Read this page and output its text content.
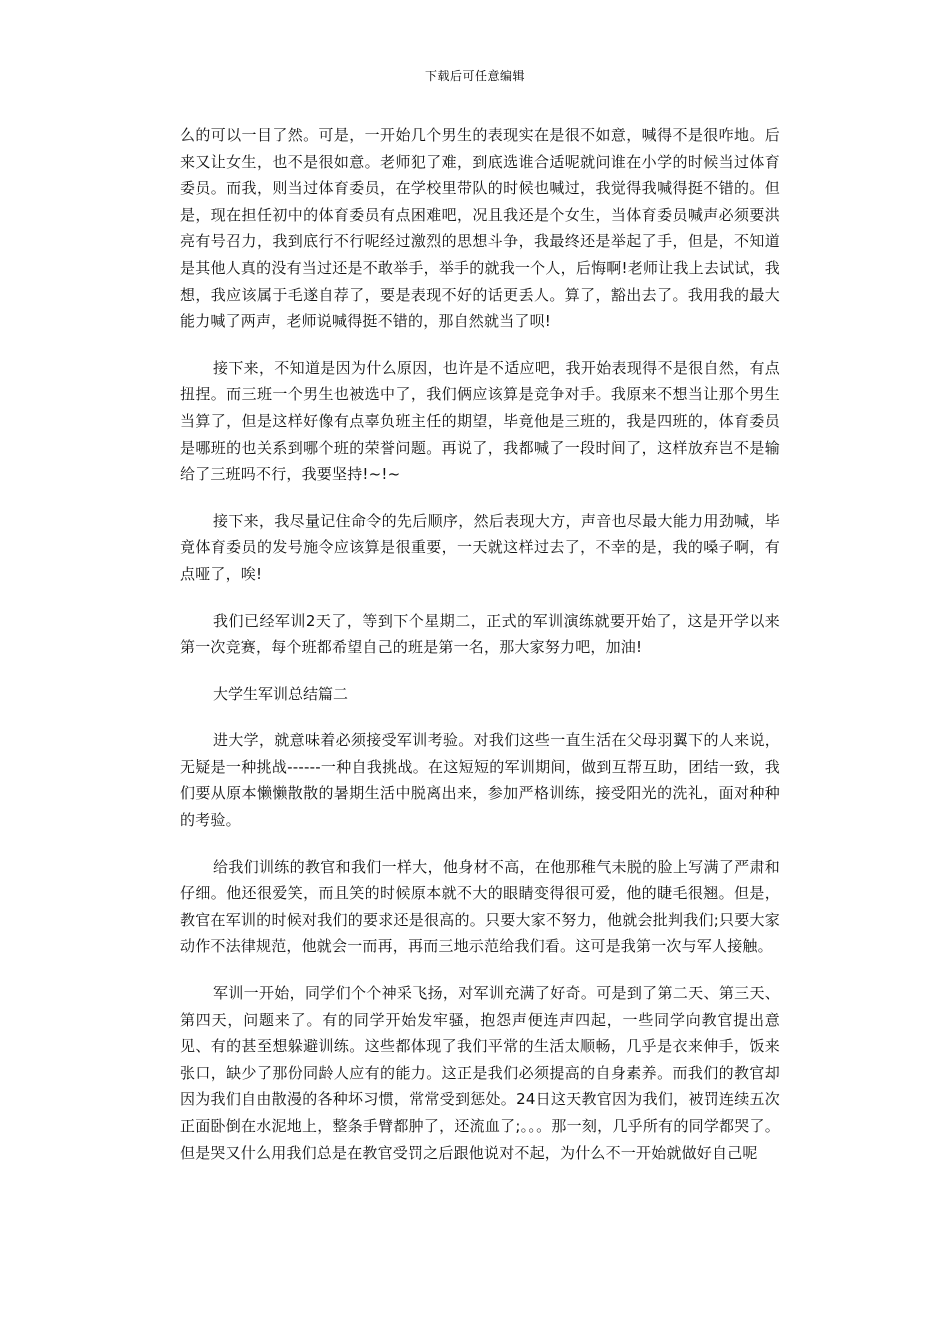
下载后可任意编辑

么的可以一目了然。可是，一开始几个男生的表现实在是很不如意，喊得不是很咋地。后来又让女生，也不是很如意。老师犯了难，到底选谁合适呢就问谁在小学的时候当过体育委员。而我，则当过体育委员，在学校里带队的时候也喊过，我觉得我喊得挺不错的。但是，现在担任初中的体育委员有点困难吧，况且我还是个女生，当体育委员喊声必须要洪亮有号召力，我到底行不行呢经过激烈的思想斗争，我最终还是举起了手，但是，不知道是其他人真的没有当过还是不敢举手，举手的就我一个人，后悔啊!老师让我上去试试，我想，我应该属于毛遂自荐了，要是表现不好的话更丢人。算了，豁出去了。我用我的最大能力喊了两声，老师说喊得挺不错的，那自然就当了呗!

接下来，不知道是因为什么原因，也许是不适应吧，我开始表现得不是很自然，有点扭捏。而三班一个男生也被选中了，我们俩应该算是竞争对手。我原来不想当让那个男生当算了，但是这样好像有点辜负班主任的期望，毕竟他是三班的，我是四班的，体育委员是哪班的也关系到哪个班的荣誉问题。再说了，我都喊了一段时间了，这样放弃岂不是输给了三班吗不行，我要坚持!~!~

接下来，我尽量记住命令的先后顺序，然后表现大方，声音也尽最大能力用劲喊，毕竟体育委员的发号施令应该算是很重要，一天就这样过去了，不幸的是，我的嗓子啊，有点哑了，唉!

我们已经军训2天了，等到下个星期二，正式的军训演练就要开始了，这是开学以来第一次竞赛，每个班都希望自己的班是第一名，那大家努力吧，加油!

大学生军训总结篇二

进大学，就意味着必须接受军训考验。对我们这些一直生活在父母羽翼下的人来说，无疑是一种挑战------一种自我挑战。在这短短的军训期间，做到互帮互助，团结一致，我们要从原本懒懒散散的暑期生活中脱离出来，参加严格训练，接受阳光的洗礼，面对种种的考验。

给我们训练的教官和我们一样大，他身材不高，在他那稚气未脱的脸上写满了严肃和仔细。他还很爱笑，而且笑的时候原本就不大的眼睛变得很可爱，他的睫毛很翘。但是，教官在军训的时候对我们的要求还是很高的。只要大家不努力，他就会批判我们;只要大家动作不法律规范，他就会一而再，再而三地示范给我们看。这可是我第一次与军人接触。

军训一开始，同学们个个神采飞扬，对军训充满了好奇。可是到了第二天、第三天、第四天，问题来了。有的同学开始发牢骚，抱怨声便连声四起，一些同学向教官提出意见、有的甚至想躲避训练。这些都体现了我们平常的生活太顺畅，几乎是衣来伸手，饭来张口，缺少了那份同龄人应有的能力。这正是我们必须提高的自身素养。而我们的教官却因为我们自由散漫的各种坏习惯，常常受到惩处。24日这天教官因为我们，被罚连续五次正面卧倒在水泥地上，整条手臂都肿了，还流血了;。。。那一刻，几乎所有的同学都哭了。但是哭又什么用我们总是在教官受罚之后跟他说对不起，为什么不一开始就做好自己呢
